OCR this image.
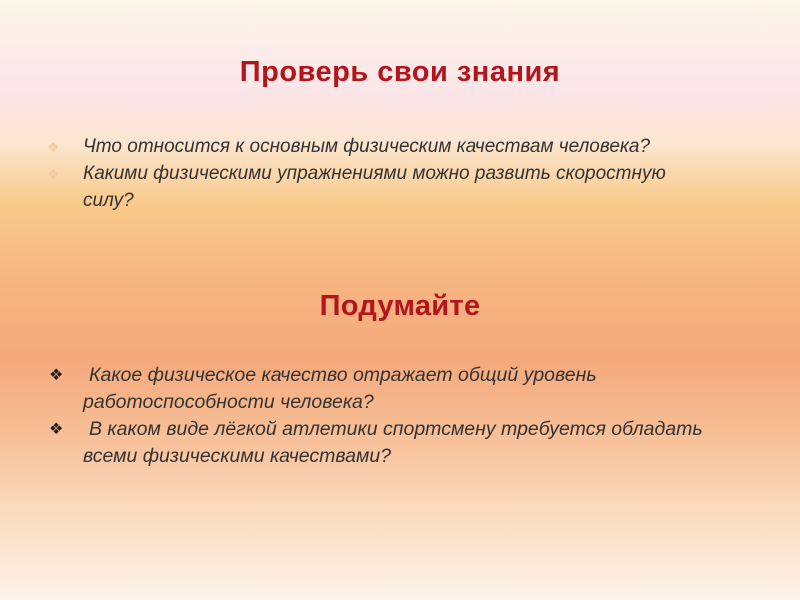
Проверь свои знания
❖ Что относится к основным физическим качествам человека?
❖ Какими физическими упражнениями можно развить скоростную силу?
Подумайте
❖ Какое физическое качество отражает общий уровень работоспособности человека?
❖ В каком виде лёгкой атлетики спортсмену требуется обладать всеми физическими качествами?
